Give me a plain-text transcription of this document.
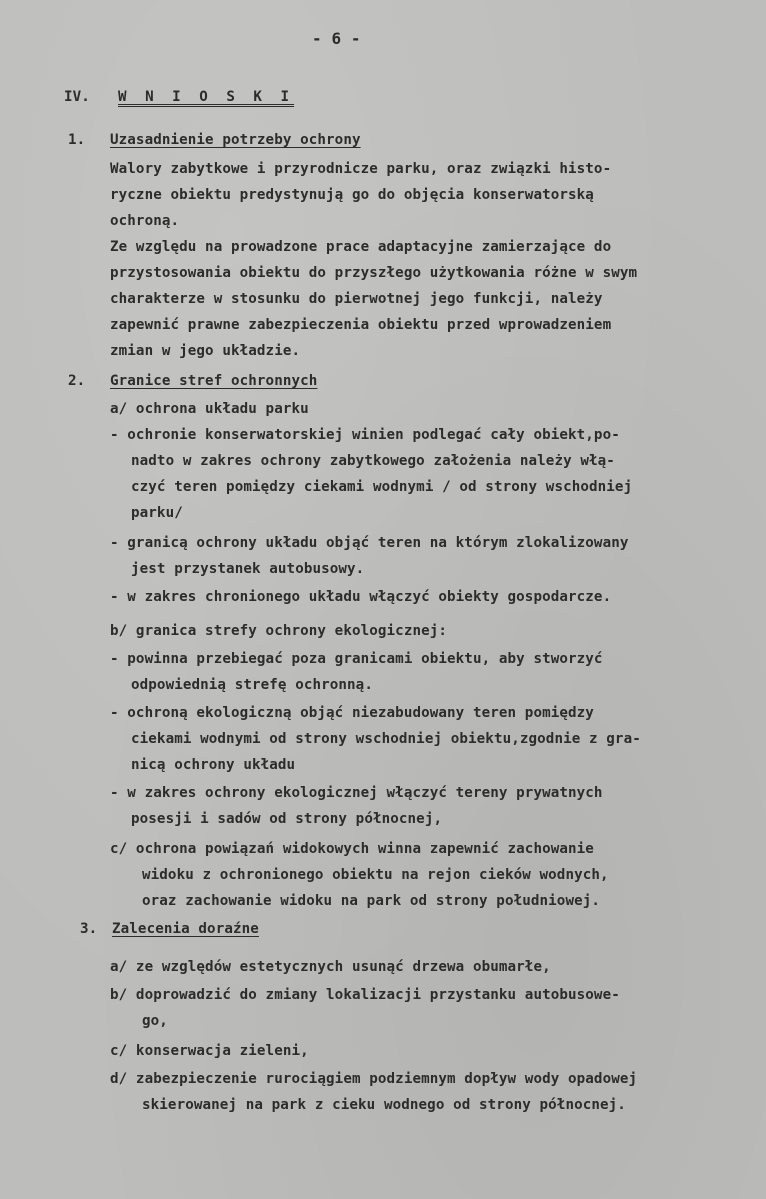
- 6 -
IV. W N I O S K I
1. Uzasadnienie potrzeby ochrony
Walory zabytkowe i przyrodnicze parku, oraz związki histo-
ryczne obiektu predystynują go do objęcia konserwatorską
ochroną.
Ze względu na prowadzone prace adaptacyjne zamierzające do
przystosowania obiektu do przyszłego użytkowania różne w swym
charakterze w stosunku do pierwotnej jego funkcji, należy
zapewnić prawne zabezpieczenia obiektu przed wprowadzeniem
zmian w jego układzie.
2. Granice stref ochronnych
a/ ochrona układu parku
- ochronie konserwatorskiej winien podlegać cały obiekt,po-
nadto w zakres ochrony zabytkowego założenia należy włą-
czyć teren pomiędzy ciekami wodnymi / od strony wschodniej
parku/
- granicą ochrony układu objąć teren na którym zlokalizowany
jest przystanek autobusowy.
- w zakres chronionego układu włączyć obiekty gospodarcze.
b/ granica strefy ochrony ekologicznej:
- powinna przebiegać poza granicami obiektu, aby stworzyć
odpowiednią strefę ochronną.
- ochroną ekologiczną objąć niezabudowany teren pomiędzy
ciekami wodnymi od strony wschodniej obiektu,zgodnie z gra-
nicą ochrony układu
- w zakres ochrony ekologicznej włączyć tereny prywatnych
posesji i sadów od strony północnej,
c/ ochrona powiązań widokowych winna zapewnić zachowanie
widoku z ochronionego obiektu na rejon cieków wodnych,
oraz zachowanie widoku na park od strony południowej.
3. Zalecenia doraźne
a/ ze względów estetycznych usunąć drzewa obumarłe,
b/ doprowadzić do zmiany lokalizacji przystanku autobusowe-
go,
c/ konserwacja zieleni,
d/ zabezpieczenie rurociągiem podziemnym dopływ wody opadowej
skierowanej na park z cieku wodnego od strony północnej.
